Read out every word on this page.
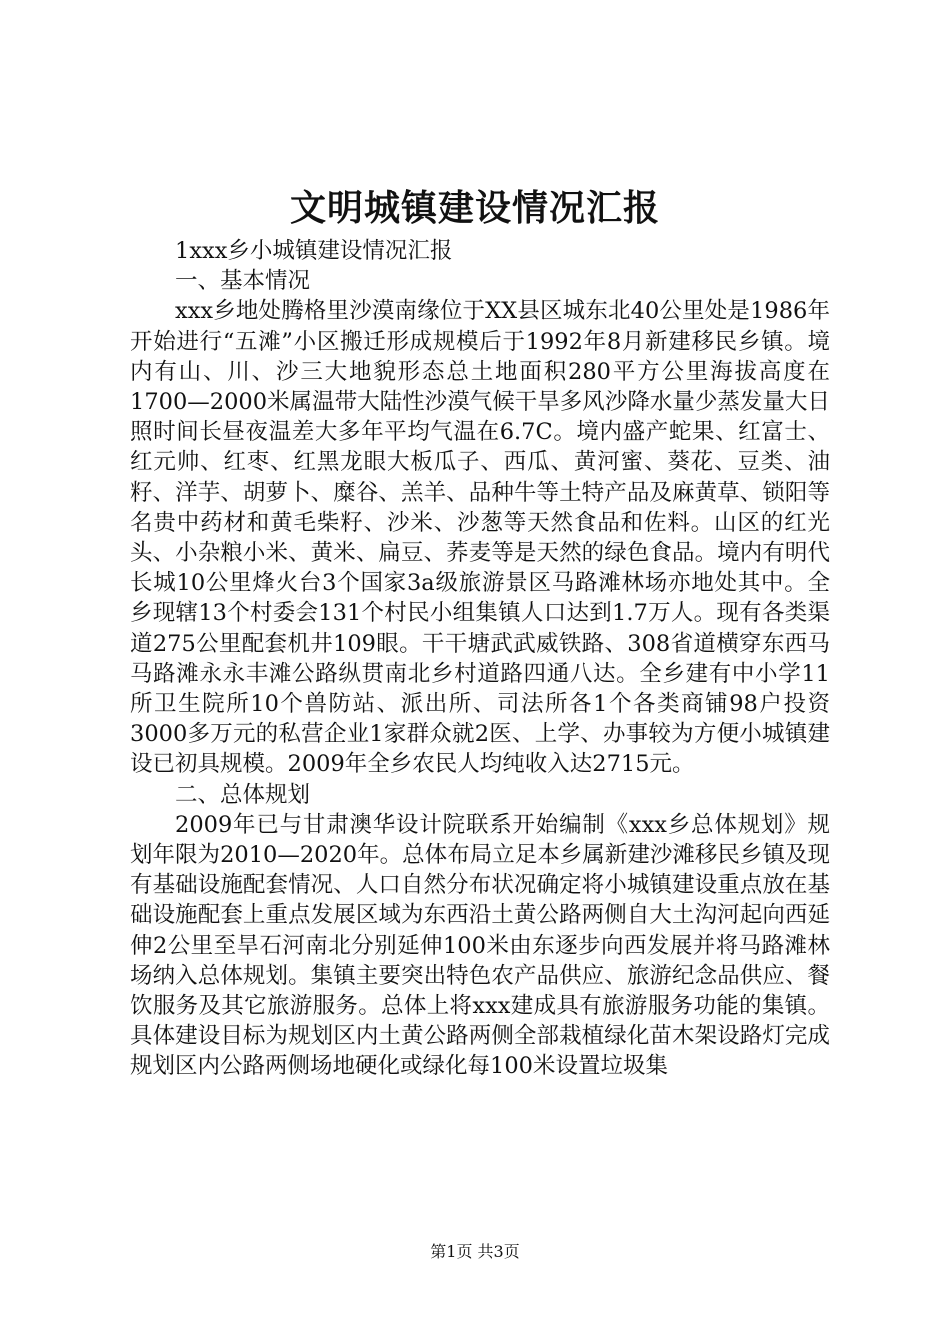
文明城镇建设情况汇报

1xxx乡小城镇建设情况汇报

一、基本情况

xxx乡地处腾格里沙漠南缘位于XX县区城东北40公里处是1986年开始进行“五滩”小区搬迁形成规模后于1992年8月新建移民乡镇。境内有山、川、沙三大地貌形态总土地面积280平方公里海拔高度在1700—2000米属温带大陆性沙漠气候干旱多风沙降水量少蒸发量大日照时间长昼夜温差大多年平均气温在6.7C。境内盛产蛇果、红富士、红元帅、红枣、红黑龙眼大板瓜子、西瓜、黄河蜜、葵花、豆类、油籽、洋芋、胡萝卜、糜谷、羔羊、品种牛等土特产品及麻黄草、锁阳等名贵中药材和黄毛柴籽、沙米、沙葱等天然食品和佐料。山区的红光头、小杂粮小米、黄米、扁豆、荞麦等是天然的绿色食品。境内有明代长城10公里烽火台3个国家3a级旅游景区马路滩林场亦地处其中。全乡现辖13个村委会131个村民小组集镇人口达到1.7万人。现有各类渠道275公里配套机井109眼。干干塘武武威铁路、308省道横穿东西马马路滩永永丰滩公路纵贯南北乡村道路四通八达。全乡建有中小学11所卫生院所10个兽防站、派出所、司法所各1个各类商铺98户投资3000多万元的私营企业1家群众就2医、上学、办事较为方便小城镇建设已初具规模。2009年全乡农民人均纯收入达2715元。

二、总体规划

2009年已与甘肃澳华设计院联系开始编制《xxx乡总体规划》规划年限为2010—2020年。总体布局立足本乡属新建沙滩移民乡镇及现有基础设施配套情况、人口自然分布状况确定将小城镇建设重点放在基础设施配套上重点发展区域为东西沿土黄公路两侧自大土沟河起向西延伸2公里至旱石河南北分别延伸100米由东逐步向西发展并将马路滩林场纳入总体规划。集镇主要突出特色农产品供应、旅游纪念品供应、餐饮服务及其它旅游服务。总体上将xxx建成具有旅游服务功能的集镇。具体建设目标为规划区内土黄公路两侧全部栽植绿化苗木架设路灯完成规划区内公路两侧场地硬化或绿化每100米设置垃圾集

第1页 共3页
